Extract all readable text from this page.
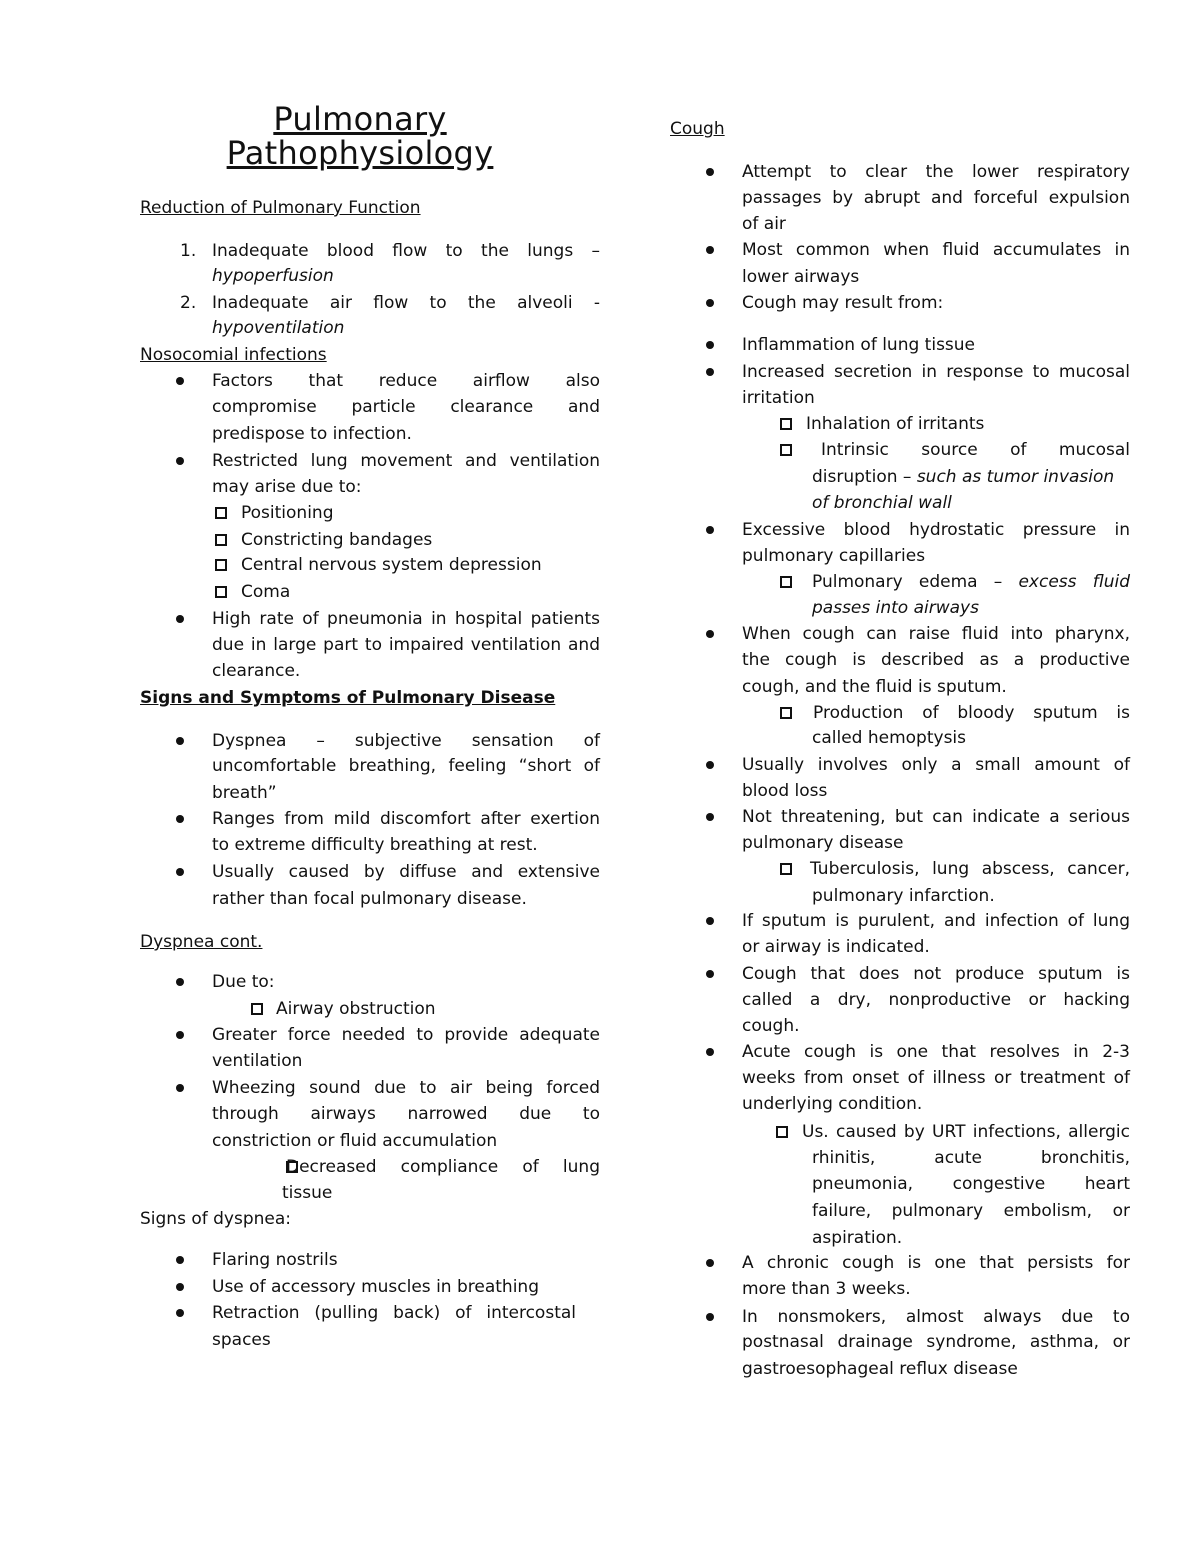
Pulmonary
Pathophysiology
Reduction of Pulmonary Function
1. Inadequate blood flow to the lungs –
hypoperfusion
2. Inadequate air flow to the alveoli -
hypoventilation
Nosocomial infections
Factors that reduce airflow also
compromise particle clearance and
predispose to infection.
Restricted lung movement and ventilation
may arise due to:
Positioning
Constricting bandages
Central nervous system depression
Coma
High rate of pneumonia in hospital patients
due in large part to impaired ventilation and
clearance.
Signs and Symptoms of Pulmonary Disease
Dyspnea – subjective sensation of
uncomfortable breathing, feeling “short of
breath”
Ranges from mild discomfort after exertion
to extreme difficulty breathing at rest.
Usually caused by diffuse and extensive
rather than focal pulmonary disease.
Dyspnea cont.
Due to:
Airway obstruction
Greater force needed to provide adequate
ventilation
Wheezing sound due to air being forced
through airways narrowed due to
constriction or fluid accumulation
Decreased compliance of lung
tissue
Signs of dyspnea:
Flaring nostrils
Use of accessory muscles in breathing
Retraction (pulling back) of intercostal
spaces
Cough
Attempt to clear the lower respiratory
passages by abrupt and forceful expulsion
of air
Most common when fluid accumulates in
lower airways
Cough may result from:
Inflammation of lung tissue
Increased secretion in response to mucosal
irritation
Inhalation of irritants
Intrinsic source of mucosal
disruption – such as tumor invasion
of bronchial wall
Excessive blood hydrostatic pressure in
pulmonary capillaries
Pulmonary edema – excess fluid
passes into airways
When cough can raise fluid into pharynx,
the cough is described as a productive
cough, and the fluid is sputum.
Production of bloody sputum is
called hemoptysis
Usually involves only a small amount of
blood loss
Not threatening, but can indicate a serious
pulmonary disease
Tuberculosis, lung abscess, cancer,
pulmonary infarction.
If sputum is purulent, and infection of lung
or airway is indicated.
Cough that does not produce sputum is
called a dry, nonproductive or hacking
cough.
Acute cough is one that resolves in 2-3
weeks from onset of illness or treatment of
underlying condition.
Us. caused by URT infections, allergic
rhinitis, acute bronchitis,
pneumonia, congestive heart
failure, pulmonary embolism, or
aspiration.
A chronic cough is one that persists for
more than 3 weeks.
In nonsmokers, almost always due to
postnasal drainage syndrome, asthma, or
gastroesophageal reflux disease
